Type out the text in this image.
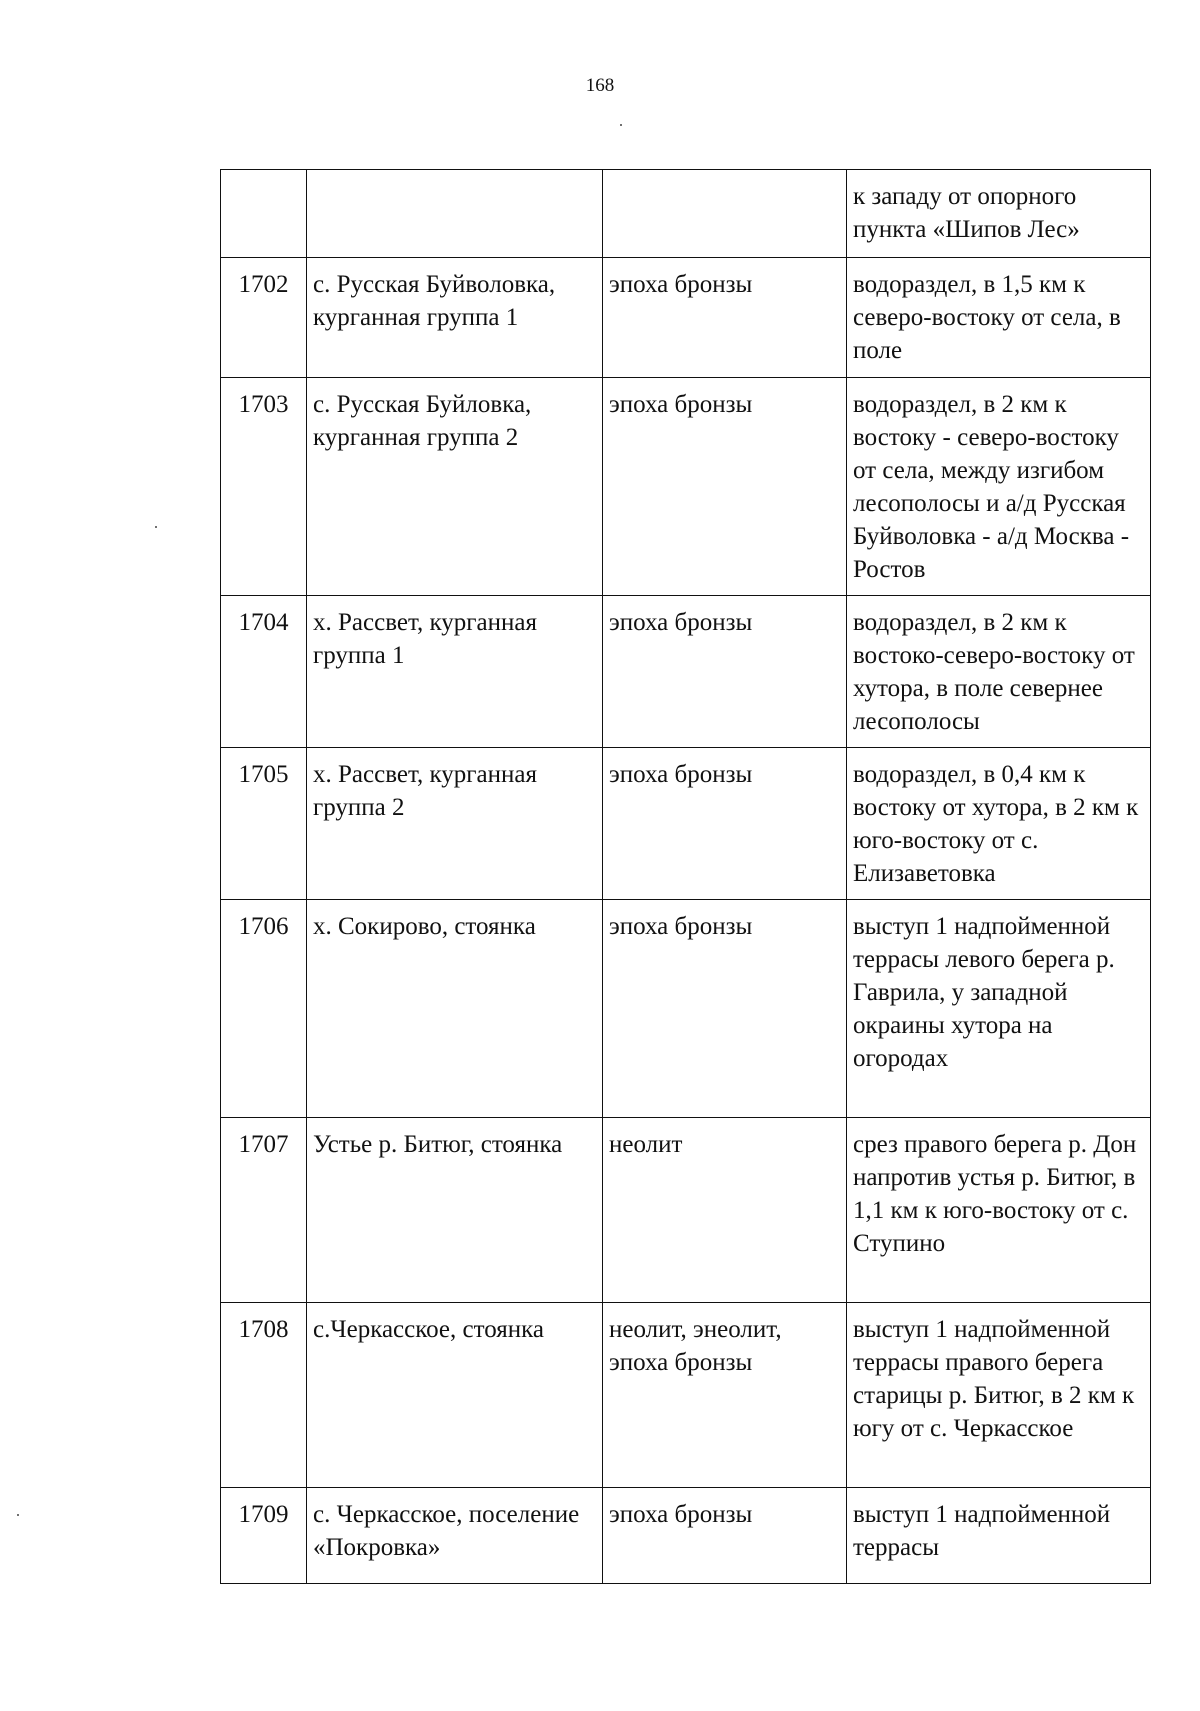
168
			к западу от опорного пункта «Шипов Лес»
1702	с. Русская Буйволовка, курганная группа 1	эпоха бронзы	водораздел, в 1,5 км к северо-востоку от села, в поле
1703	с. Русская Буйловка, курганная группа 2	эпоха бронзы	водораздел, в 2 км к востоку - северо-востоку от села, между изгибом лесополосы и а/д Русская Буйволовка - а/д Москва - Ростов
1704	х. Рассвет, курганная группа 1	эпоха бронзы	водораздел, в 2 км к востоко-северо-востоку от хутора, в поле севернее лесополосы
1705	х. Рассвет, курганная группа 2	эпоха бронзы	водораздел, в 0,4 км к востоку от хутора, в 2 км к юго-востоку от с. Елизаветовка
1706	х. Сокирово, стоянка	эпоха бронзы	выступ 1 надпойменной террасы левого берега р. Гаврила, у западной окраины хутора на огородах
1707	Устье р. Битюг, стоянка	неолит	срез правого берега р. Дон напротив устья р. Битюг, в 1,1 км к юго-востоку от с. Ступино
1708	с.Черкасское, стоянка	неолит, энеолит, эпоха бронзы	выступ 1 надпойменной террасы правого берега старицы р. Битюг, в 2 км к югу от с. Черкасское
1709	с. Черкасское, поселение «Покровка»	эпоха бронзы	выступ 1 надпойменной террасы
